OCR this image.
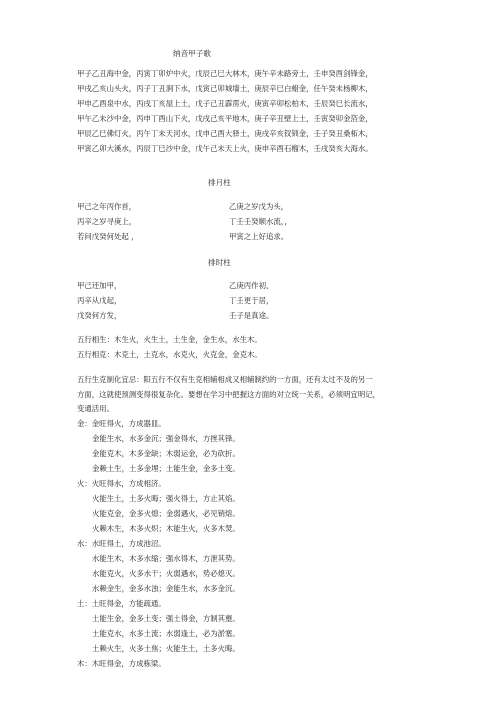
纳音甲子歌
甲子乙丑海中金，丙寅丁卯炉中火，戊辰己巳大林木，庚午辛未路旁土，壬申癸酉剑锋金，
甲戌乙亥山头火，丙子丁丑涧下水，戊寅己卯城墙土，庚辰辛巳白蜡金，任午癸未杨柳木，
甲申乙酉泉中水，丙戌丁亥屋上土，戊子己丑霹雳火，庚寅辛卯松柏木，壬辰癸巳长流水，
甲午乙未沙中金，丙申丁酉山下火，戊戌己亥平地木，庚子辛丑壁上土，壬寅癸卯金箔金，
甲辰乙巳佛灯火，丙午丁未天河水，戊申己酉大驿土，庚戌辛亥钗钏金，壬子癸丑桑柘木，
甲寅乙卯大溪水，丙辰丁巳沙中金，戊午己未天上火，庚申辛酉石榴木，壬戌癸亥大海水。
排月柱
甲己之年丙作首，	乙庚之岁戊为头，
丙辛之岁寻庚上，	丁壬壬癸顺水流，，
若问戊癸何处起 ，	甲寅之上好追求。
排时柱
甲己还加甲，	乙庚丙作初，
丙辛从戊起，	丁壬更于居，
戊癸何方发，	壬子是真途。
五行相生：木生火，火生土，土生金，金生水，水生木。
五行相克：木克土，土克水，水克火，火克金，金克木。
五行生克制化宜忌：阳五行不仅有生克相辅相成又相辅制约的一方面，还有太过不及的另一
方面，这就使预测变得很复杂化。要想在学习中把握这方面的对立统一关系，必须明宜明记，
变通活用。
金：金旺得火，方成器皿。
金能生水，水多金沉；强金得水，方挫其锋。
金能克木，木多金缺；木弱运金，必为砍折。
金赖土生，土多金埋；土能生金，金多土变。
火：火旺得水，方成相济。
火能生土，土多火晦；强火得土，方止其焰。
火能克金，金多火熄；金弱遇火，必见销熔。
火赖木生，木多火炽；木能生火，火多木焚。
水：水旺得土，方成池沼。
水能生木，木多水缩；强水得木，方泄其势。
水能克火，火多水干；火弱遇水，势必熄灭。
水赖金生，金多水浊；金能生水，水多金沉。
土：土旺得金，方能疏通。
土能生金，金多土变；强土得金，方制其壅。
土能克水，水多土流；水弱逢土，必为淤塞。
土赖火生，火多土焦；火能生土，土多火晦。
木：木旺得金，方成栋梁。
